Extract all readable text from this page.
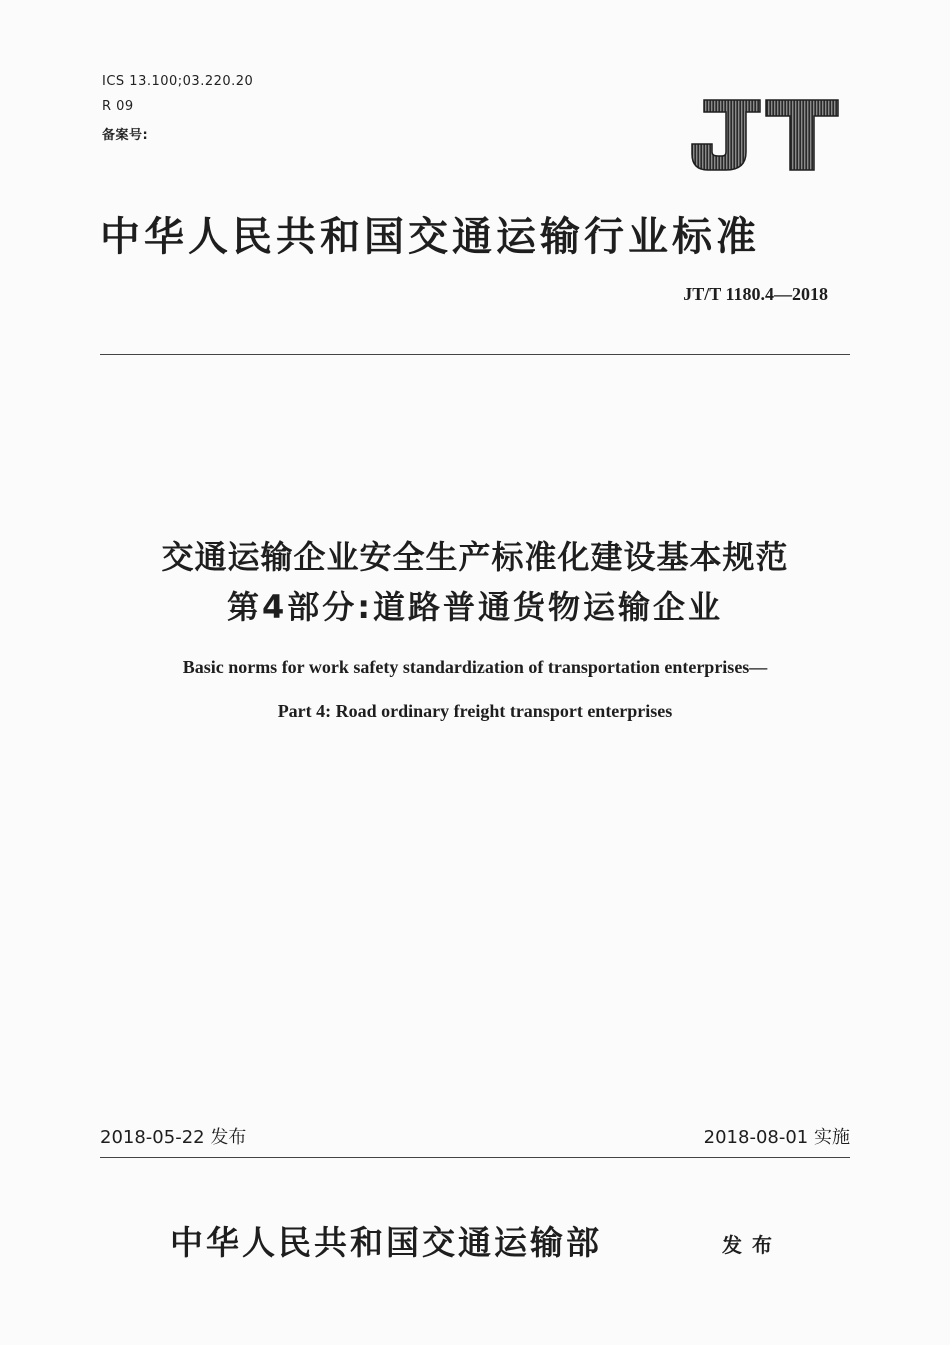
ICS 13.100;03.220.20
R 09
备案号:
JT
中华人民共和国交通运输行业标准
JT/T 1180.4—2018
交通运输企业安全生产标准化建设基本规范
第4部分:道路普通货物运输企业
Basic norms for work safety standardization of transportation enterprises—
Part 4: Road ordinary freight transport enterprises
2018-05-22 发布	2018-08-01 实施
中华人民共和国交通运输部	发布
